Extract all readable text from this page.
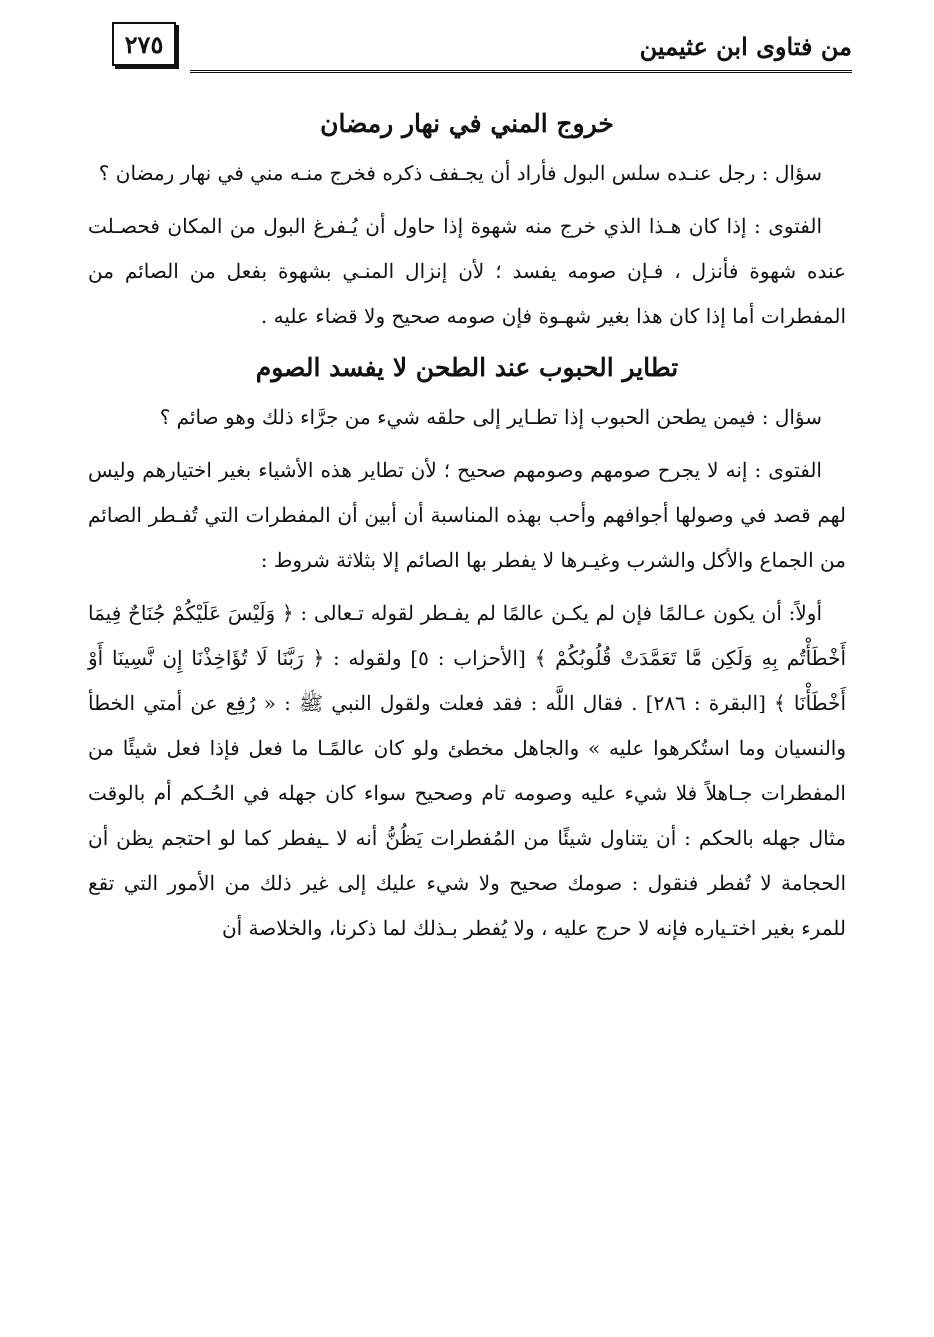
من فتاوى ابن عثيمين
٢٧٥
خروج المني في نهار رمضان

سؤال : رجل عنـده سلس البول فأراد أن يجـفف ذكره فخرج منـه مني في نهار رمضان ؟

الفتوى : إذا كان هـذا الذي خرج منه شهوة إذا حاول أن يُـفرغ البول من المكان فحصـلت عنده شهوة فأنزل ، فـإن صومه يفسد ؛ لأن إنزال المنـي بشهوة بفعل من الصائم من المفطرات أما إذا كان هذا بغير شهـوة فإن صومه صحيح ولا قضاء عليه .

تطاير الحبوب عند الطحن لا يفسد الصوم

سؤال : فيمن يطحن الحبوب إذا تطـاير إلى حلقه شيء من جرَّاء ذلك وهو صائم ؟

الفتوى : إنه لا يجرح صومهم وصومهم صحيح ؛ لأن تطاير هذه الأشياء بغير اختيارهم وليس لهم قصد في وصولها أجوافهم وأحب بهذه المناسبة أن أبين أن المفطرات التي تُفـطر الصائم من الجماع والأكل والشرب وغيـرها لا يفطر بها الصائم إلا بثلاثة شروط :

أولاً: أن يكون عـالمًا فإن لم يكـن عالمًا لم يفـطر لقوله تـعالى : ﴿ وَلَيْسَ عَلَيْكُمْ جُنَاحٌ فِيمَا أَخْطَأْتُم بِهِ وَلَكِن مَّا تَعَمَّدَتْ قُلُوبُكُمْ ﴾ [الأحزاب : ٥] ولقوله : ﴿ رَبَّنَا لَا تُؤَاخِذْنَا إِن نَّسِينَا أَوْ أَخْطَأْنَا ﴾ [البقرة : ٢٨٦] . فقال اللَّه : فقد فعلت ولقول النبي ﷺ : « رُفِع عن أمتي الخطأ والنسيان وما استُكرهوا عليه » والجاهل مخطئ ولو كان عالمًـا ما فعل فإذا فعل شيئًا من المفطرات جـاهلاً فلا شيء عليه وصومه تام وصحيح سواء كان جهله في الحُـكم أم بالوقت مثال جهله بالحكم : أن يتناول شيئًا من المُفطرات يَظُنُّ أنه لا ـيفطر كما لو احتجم يظن أن الحجامة لا تُفطر فنقول : صومك صحيح ولا شيء عليك إلى غير ذلك من الأمور التي تقع للمرء بغير اختـياره فإنه لا حرج عليه ، ولا يُفطر بـذلك لما ذكرنا، والخلاصة أن
